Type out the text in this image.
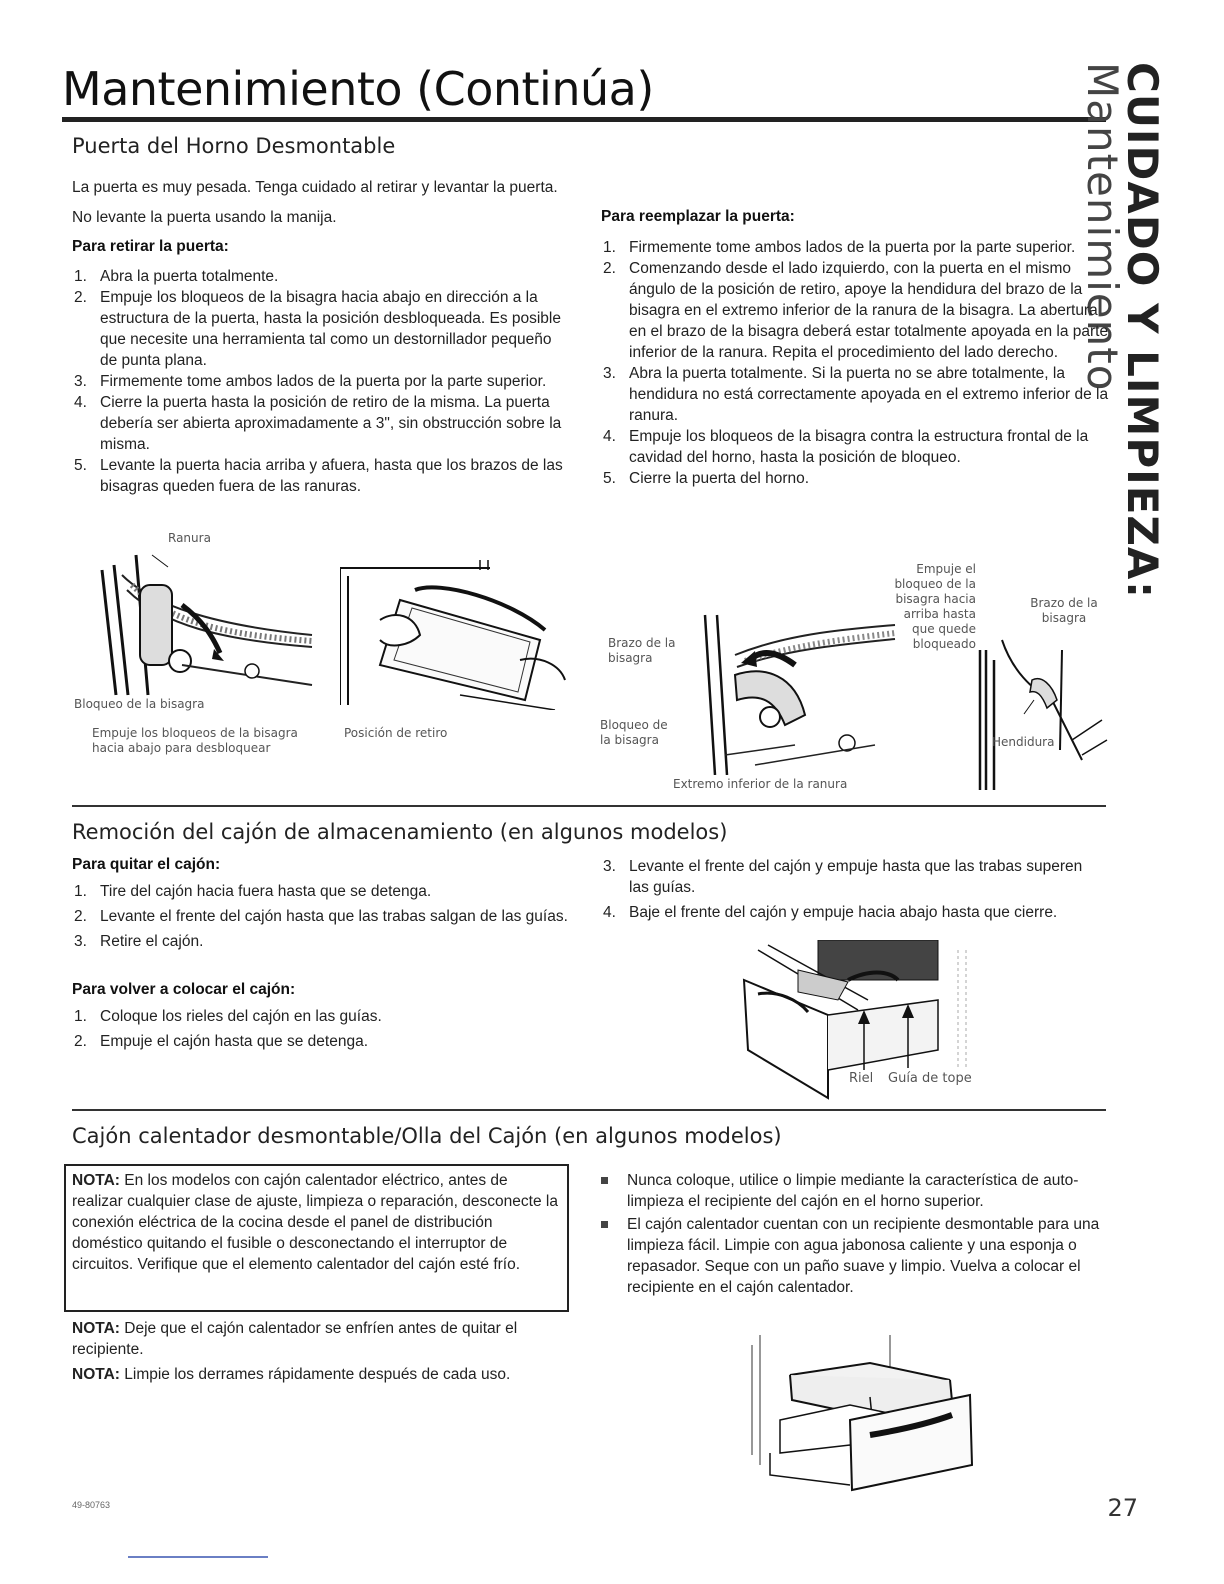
Mantenimiento (Continúa)	CUIDADO Y LIMPIEZA: Mantenimiento
Puerta del Horno Desmontable
La puerta es muy pesada. Tenga cuidado al retirar y levantar la puerta.
No levante la puerta usando la manija.
Para retirar la puerta:
1. Abra la puerta totalmente.
2. Empuje los bloqueos de la bisagra hacia abajo en dirección a la estructura de la puerta, hasta la posición desbloqueada. Es posible que necesite una herramienta tal como un destornillador pequeño de punta plana.
3. Firmemente tome ambos lados de la puerta por la parte superior.
4. Cierre la puerta hasta la posición de retiro de la misma. La puerta debería ser abierta aproximadamente a 3", sin obstrucción sobre la misma.
5. Levante la puerta hacia arriba y afuera, hasta que los brazos de las bisagras queden fuera de las ranuras.
Para reemplazar la puerta:
1. Firmemente tome ambos lados de la puerta por la parte superior.
2. Comenzando desde el lado izquierdo, con la puerta en el mismo ángulo de la posición de retiro, apoye la hendidura del brazo de la bisagra en el extremo inferior de la ranura de la bisagra. La abertura en el brazo de la bisagra deberá estar totalmente apoyada en la parte inferior de la ranura. Repita el procedimiento del lado derecho.
3. Abra la puerta totalmente. Si la puerta no se abre totalmente, la hendidura no está correctamente apoyada en el extremo inferior de la ranura.
4. Empuje los bloqueos de la bisagra contra la estructura frontal de la cavidad del horno, hasta la posición de bloqueo.
5. Cierre la puerta del horno.
Ranura
Bloqueo de la bisagra
Empuje los bloqueos de la bisagra hacia abajo para desbloquear
Posición de retiro
Brazo de la bisagra
Bloqueo de la bisagra
Extremo inferior de la ranura
Empuje el bloqueo de la bisagra hacia arriba hasta que quede bloqueado
Brazo de la bisagra
Hendidura
Remoción del cajón de almacenamiento (en algunos modelos)
Para quitar el cajón:
1. Tire del cajón hacia fuera hasta que se detenga.
2. Levante el frente del cajón hasta que las trabas salgan de las guías.
3. Retire el cajón.
Para volver a colocar el cajón:
1. Coloque los rieles del cajón en las guías.
2. Empuje el cajón hasta que se detenga.
3. Levante el frente del cajón y empuje hasta que las trabas superen las guías.
4. Baje el frente del cajón y empuje hacia abajo hasta que cierre.
Riel Guía de tope
Cajón calentador desmontable/Olla del Cajón (en algunos modelos)
NOTA: En los modelos con cajón calentador eléctrico, antes de realizar cualquier clase de ajuste, limpieza o reparación, desconecte la conexión eléctrica de la cocina desde el panel de distribución doméstico quitando el fusible o desconectando el interruptor de circuitos. Verifique que el elemento calentador del cajón esté frío.
NOTA: Deje que el cajón calentador se enfríen antes de quitar el recipiente.
NOTA: Limpie los derrames rápidamente después de cada uso.
Nunca coloque, utilice o limpie mediante la característica de auto-limpieza el recipiente del cajón en el horno superior.
El cajón calentador cuentan con un recipiente desmontable para una limpieza fácil. Limpie con agua jabonosa caliente y una esponja o repasador. Seque con un paño suave y limpio. Vuelva a colocar el recipiente en el cajón calentador.
49-80763	27
